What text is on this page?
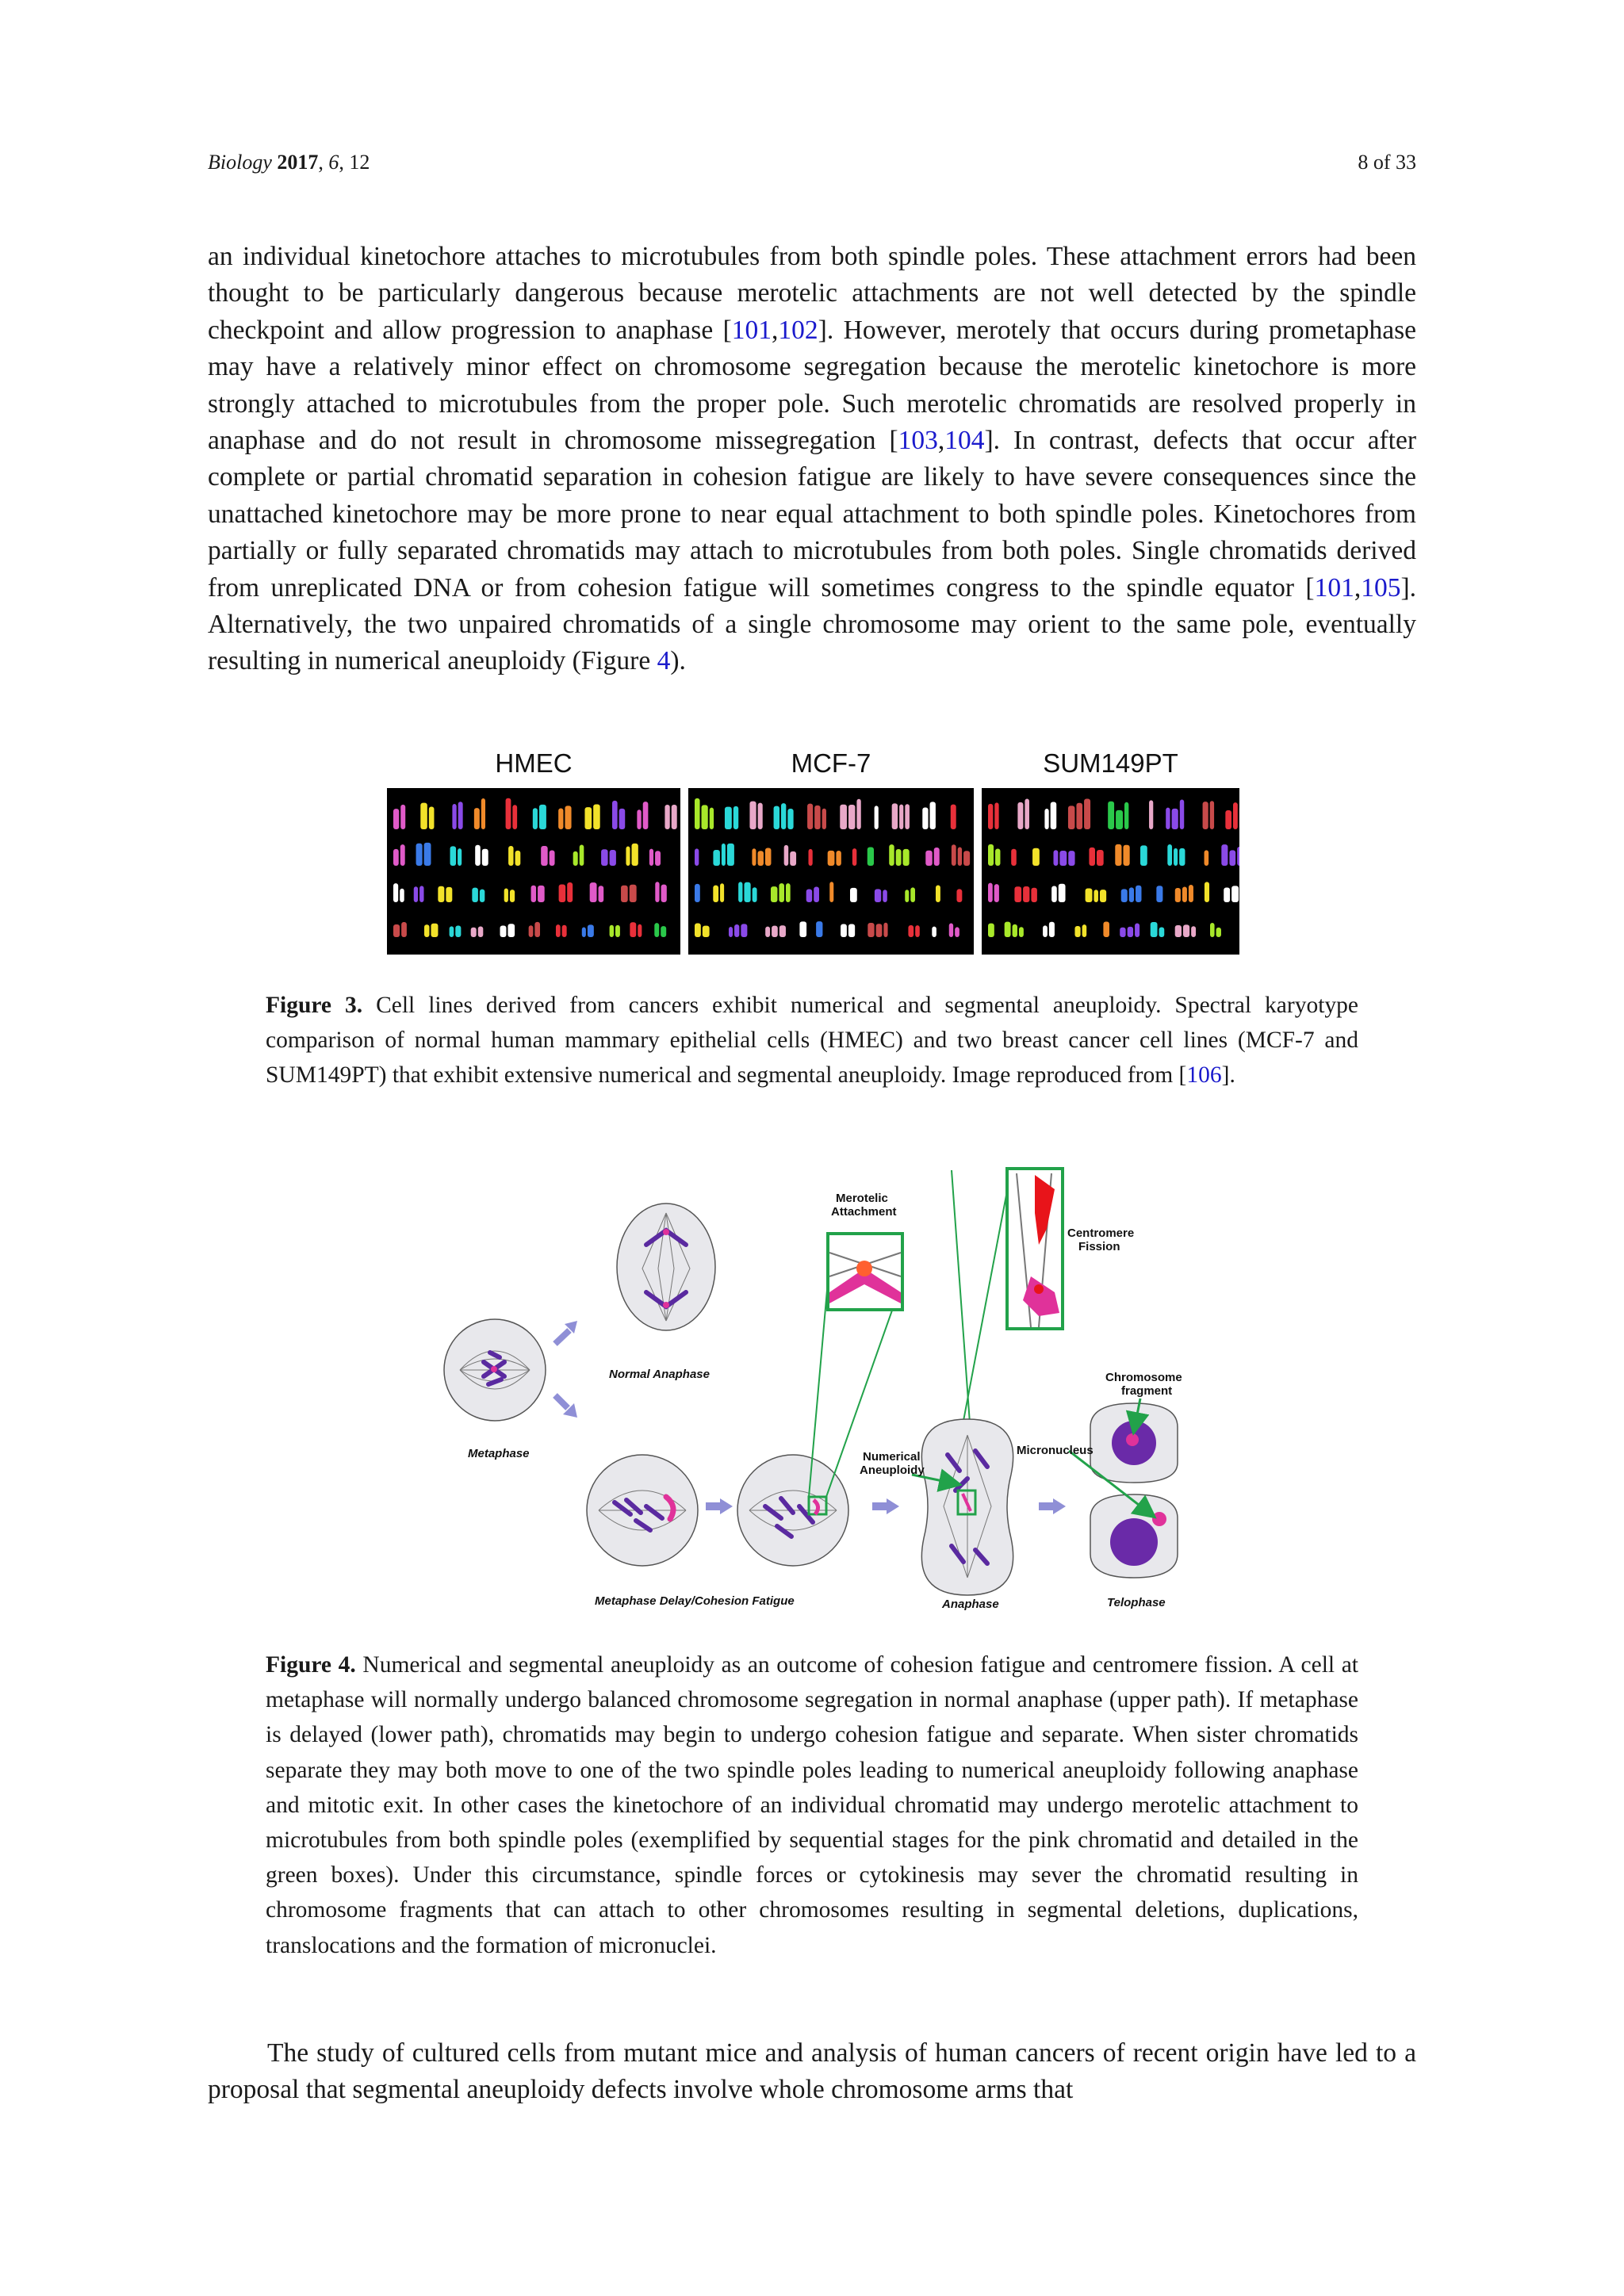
Biology 2017, 6, 12	8 of 33

an individual kinetochore attaches to microtubules from both spindle poles. These attachment errors had been thought to be particularly dangerous because merotelic attachments are not well detected by the spindle checkpoint and allow progression to anaphase [101,102]. However, merotely that occurs during prometaphase may have a relatively minor effect on chromosome segregation because the merotelic kinetochore is more strongly attached to microtubules from the proper pole. Such merotelic chromatids are resolved properly in anaphase and do not result in chromosome missegregation [103,104]. In contrast, defects that occur after complete or partial chromatid separation in cohesion fatigue are likely to have severe consequences since the unattached kinetochore may be more prone to near equal attachment to both spindle poles. Kinetochores from partially or fully separated chromatids may attach to microtubules from both poles. Single chromatids derived from unreplicated DNA or from cohesion fatigue will sometimes congress to the spindle equator [101,105]. Alternatively, the two unpaired chromatids of a single chromosome may orient to the same pole, eventually resulting in numerical aneuploidy (Figure 4).

HMEC	MCF-7	SUM149PT
Figure 3. Cell lines derived from cancers exhibit numerical and segmental aneuploidy. Spectral karyotype comparison of normal human mammary epithelial cells (HMEC) and two breast cancer cell lines (MCF-7 and SUM149PT) that exhibit extensive numerical and segmental aneuploidy. Image reproduced from [106].
Metaphase
Normal Anaphase
Merotelic
Attachment
Centromere
Fission
Numerical
Aneuploidy
Chromosome
fragment
Micronucleus
Metaphase Delay/Cohesion Fatigue	Anaphase	Telophase
Figure 4. Numerical and segmental aneuploidy as an outcome of cohesion fatigue and centromere fission. A cell at metaphase will normally undergo balanced chromosome segregation in normal anaphase (upper path). If metaphase is delayed (lower path), chromatids may begin to undergo cohesion fatigue and separate. When sister chromatids separate they may both move to one of the two spindle poles leading to numerical aneuploidy following anaphase and mitotic exit. In other cases the kinetochore of an individual chromatid may undergo merotelic attachment to microtubules from both spindle poles (exemplified by sequential stages for the pink chromatid and detailed in the green boxes). Under this circumstance, spindle forces or cytokinesis may sever the chromatid resulting in chromosome fragments that can attach to other chromosomes resulting in segmental deletions, duplications, translocations and the formation of micronuclei.

The study of cultured cells from mutant mice and analysis of human cancers of recent origin have led to a proposal that segmental aneuploidy defects involve whole chromosome arms that
